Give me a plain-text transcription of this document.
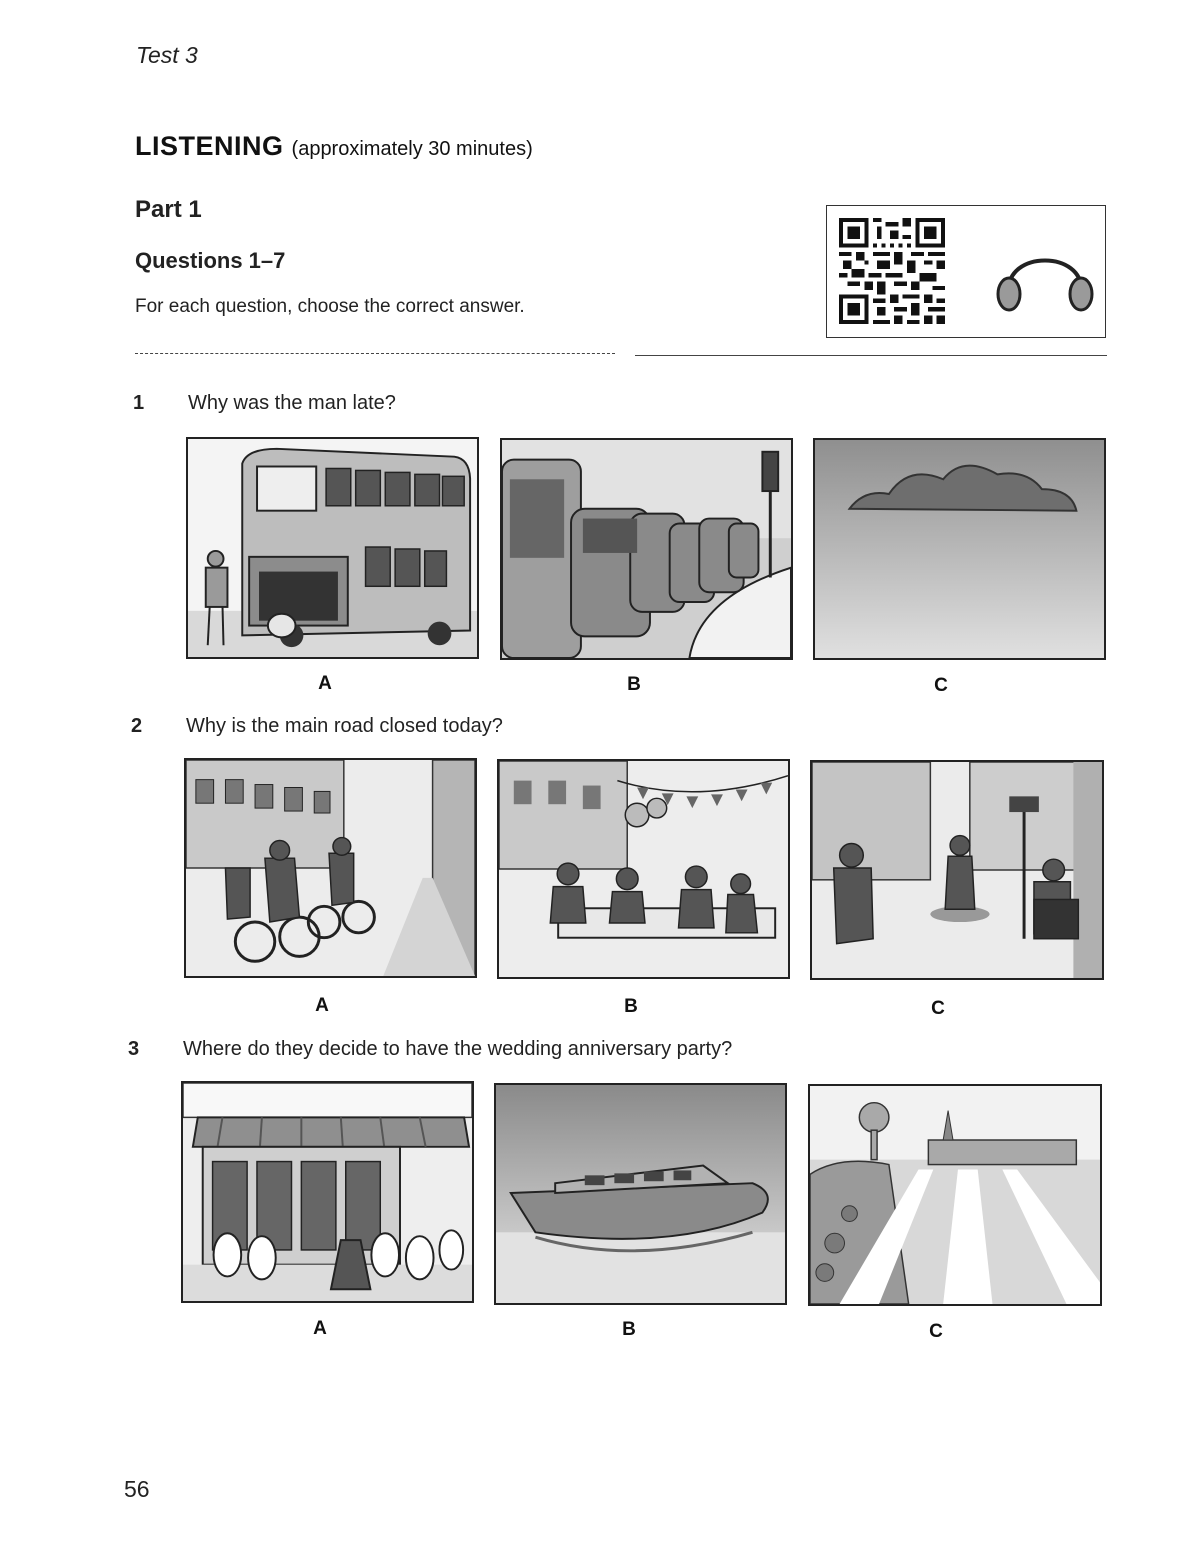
Test 3
LISTENING (approximately 30 minutes)
Part 1
Questions 1–7
For each question, choose the correct answer.
1 Why was the man late?
A	B	C
2 Why is the main road closed today?
A	B	C
3 Where do they decide to have the wedding anniversary party?
A	B	C
56
